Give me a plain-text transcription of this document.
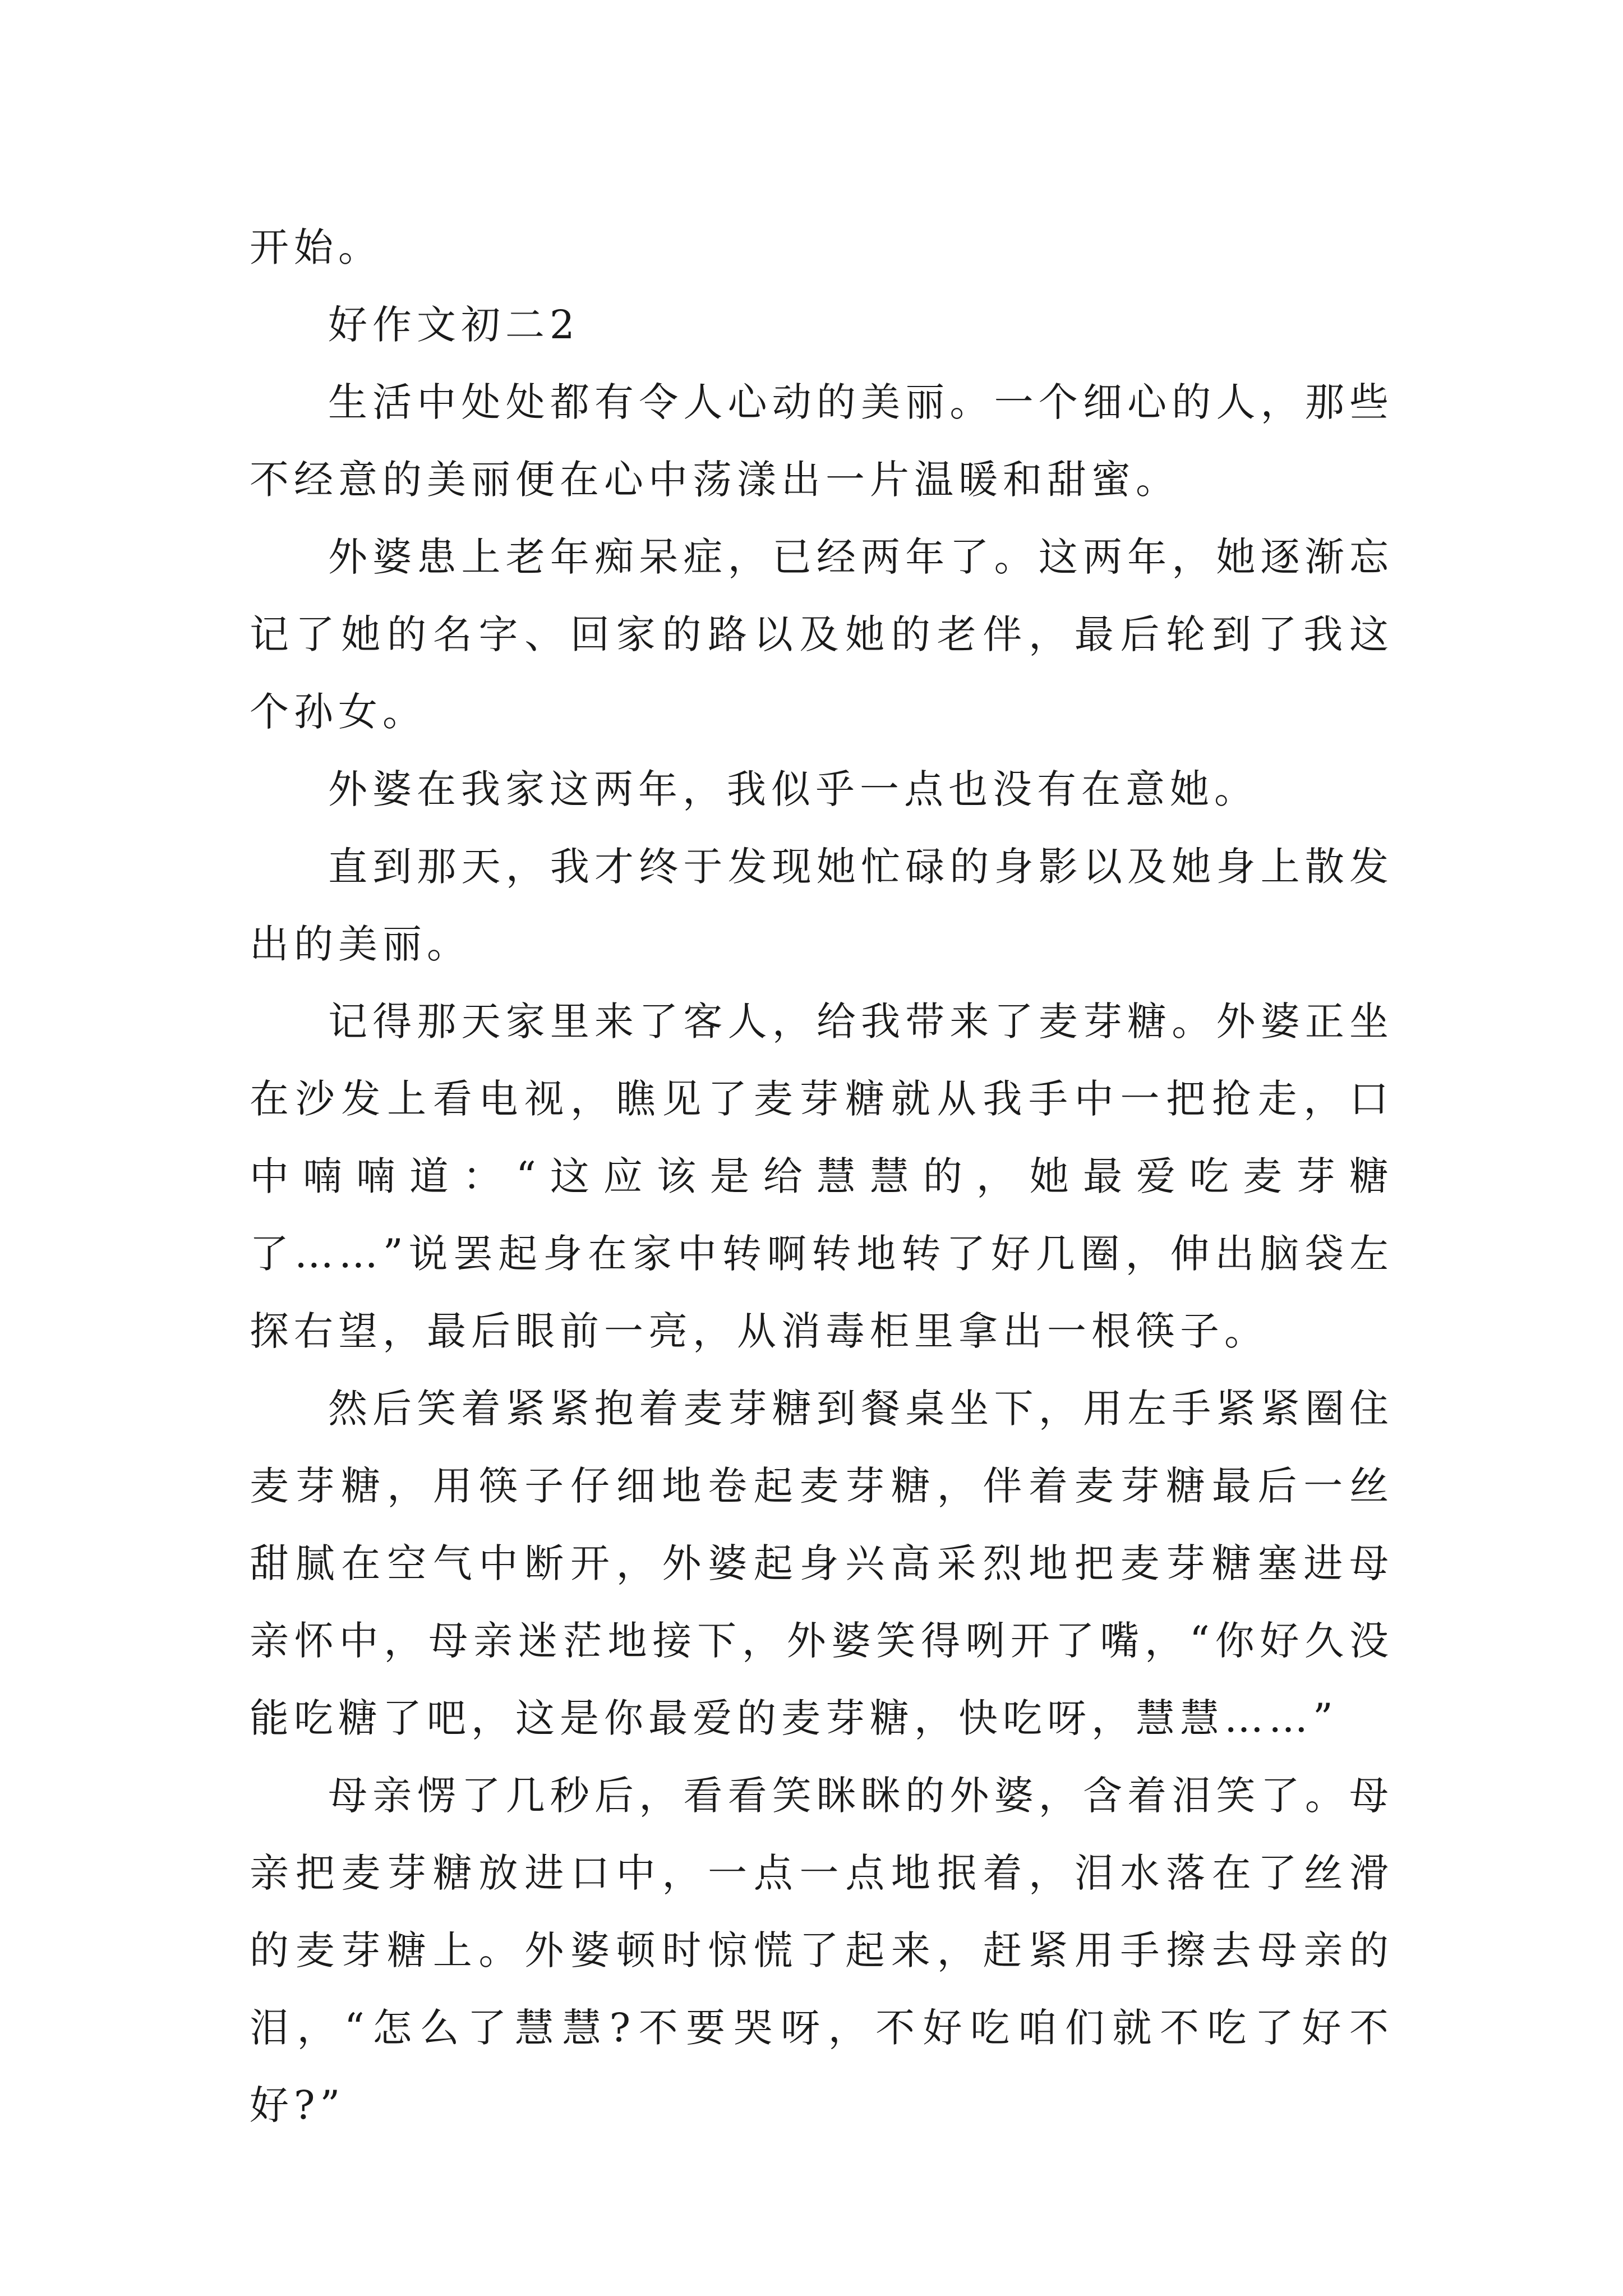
开始。

好作文初二2

生活中处处都有令人心动的美丽。一个细心的人，那些不经意的美丽便在心中荡漾出一片温暖和甜蜜。

外婆患上老年痴呆症，已经两年了。这两年，她逐渐忘记了她的名字、回家的路以及她的老伴，最后轮到了我这个孙女。

外婆在我家这两年，我似乎一点也没有在意她。

直到那天，我才终于发现她忙碌的身影以及她身上散发出的美丽。

记得那天家里来了客人，给我带来了麦芽糖。外婆正坐在沙发上看电视，瞧见了麦芽糖就从我手中一把抢走，口中喃喃道：“这应该是给慧慧的，她最爱吃麦芽糖了……”说罢起身在家中转啊转地转了好几圈，伸出脑袋左探右望，最后眼前一亮，从消毒柜里拿出一根筷子。

然后笑着紧紧抱着麦芽糖到餐桌坐下，用左手紧紧圈住麦芽糖，用筷子仔细地卷起麦芽糖，伴着麦芽糖最后一丝甜腻在空气中断开，外婆起身兴高采烈地把麦芽糖塞进母亲怀中，母亲迷茫地接下，外婆笑得咧开了嘴，“你好久没能吃糖了吧，这是你最爱的麦芽糖，快吃呀，慧慧……”

母亲愣了几秒后，看看笑眯眯的外婆，含着泪笑了。母亲把麦芽糖放进口中，一点一点地抿着，泪水落在了丝滑的麦芽糖上。外婆顿时惊慌了起来，赶紧用手擦去母亲的泪，“怎么了慧慧?不要哭呀，不好吃咱们就不吃了好不好?”
